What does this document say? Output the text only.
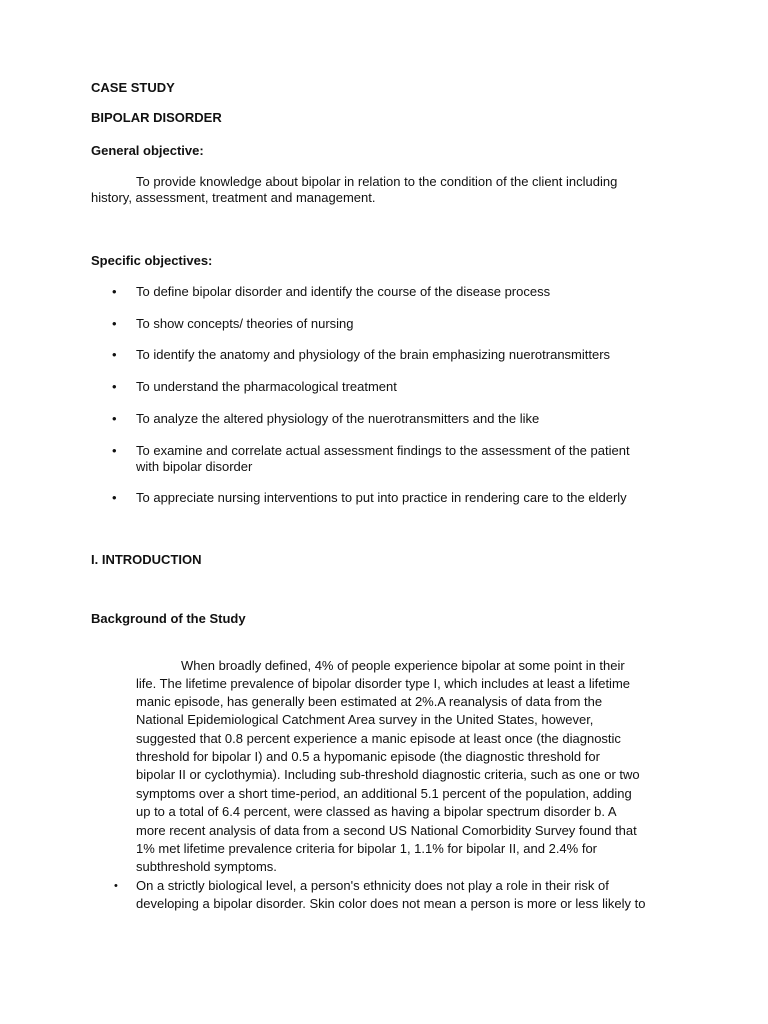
CASE STUDY
BIPOLAR DISORDER
General objective:
To provide knowledge about bipolar in relation to the condition of the client including
history, assessment, treatment and management.
Specific objectives:
• To define bipolar disorder and identify the course of the disease process
• To show concepts/ theories of nursing
• To identify the anatomy and physiology of the brain emphasizing nuerotransmitters
• To understand the pharmacological treatment
• To analyze the altered physiology of the nuerotransmitters and the like
• To examine and correlate actual assessment findings to the assessment of the patient
with bipolar disorder
• To appreciate nursing interventions to put into practice in rendering care to the elderly
I. INTRODUCTION
Background of the Study
When broadly defined, 4% of people experience bipolar at some point in their
life. The lifetime prevalence of bipolar disorder type I, which includes at least a lifetime
manic episode, has generally been estimated at 2%.A reanalysis of data from the
National Epidemiological Catchment Area survey in the United States, however,
suggested that 0.8 percent experience a manic episode at least once (the diagnostic
threshold for bipolar I) and 0.5 a hypomanic episode (the diagnostic threshold for
bipolar II or cyclothymia). Including sub-threshold diagnostic criteria, such as one or two
symptoms over a short time-period, an additional 5.1 percent of the population, adding
up to a total of 6.4 percent, were classed as having a bipolar spectrum disorder b. A
more recent analysis of data from a second US National Comorbidity Survey found that
1% met lifetime prevalence criteria for bipolar 1, 1.1% for bipolar II, and 2.4% for
subthreshold symptoms.
• On a strictly biological level, a person's ethnicity does not play a role in their risk of
developing a bipolar disorder. Skin color does not mean a person is more or less likely to
